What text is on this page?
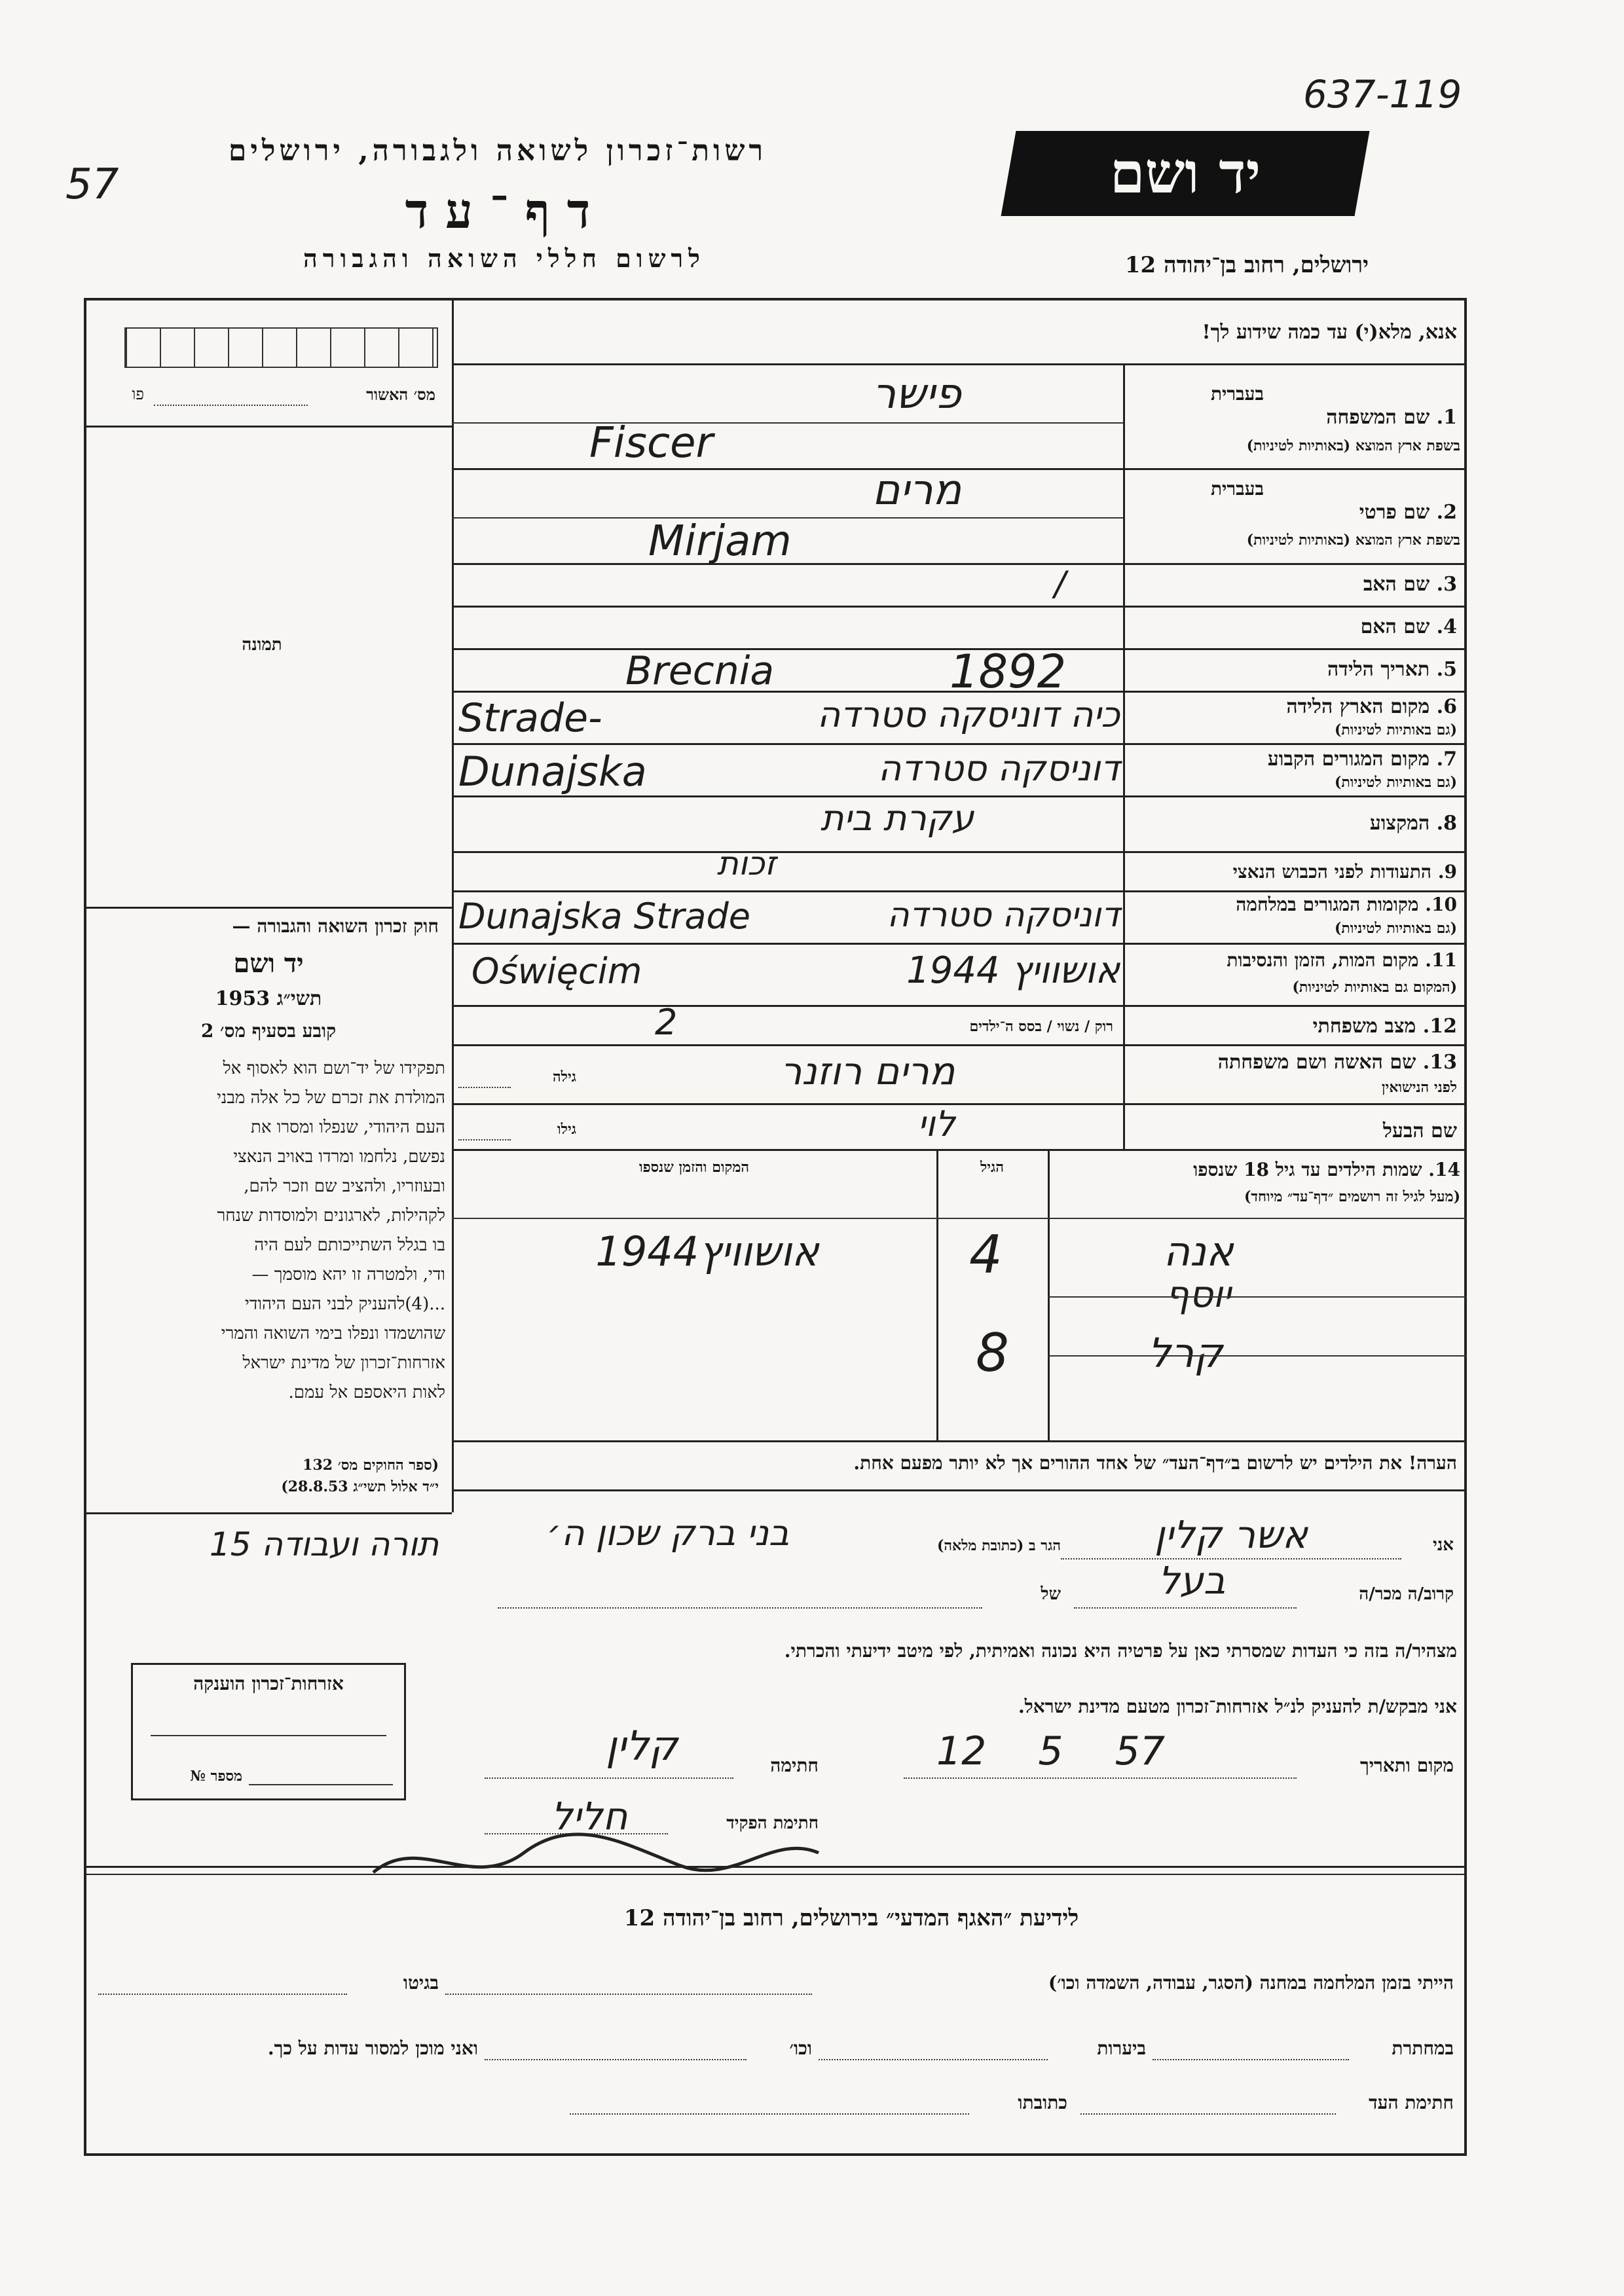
57
637-119
רשות־זכרון לשואה ולגבורה, ירושלים
ד ף ־ ע ד
לרשום חללי השואה והגבורה
יד ושם
ירושלים, רחוב בן־יהודה 12
מס׳ האשור
פו
תמונה
חוק זכרון השואה והגבורה —
יד ושם
1953 תשי״ג
קובע בסעיף מס׳ 2
תפקידו של יד־ושם הוא לאסוף אל
המולדת את זכרם של כל אלה מבני
העם היהודי, שנפלו ומסרו את
נפשם, נלחמו ומרדו באויב הנאצי
ובעוזריו, ולהציב שם וזכר להם,
לקהילות, לארגונים ולמוסדות שנחר
בו בגלל השתייכותם לעם היה
ודי, ולמטרה זו יהא מוסמך —
...(4)להעניק לבני העם היהודי
שהושמדו ונפלו בימי השואה והמרי
אזרחות־זכרון של מדינת ישראל
לאות היאספם אל עמם.
(ספר החוקים מס׳ 132
י״ד אלול תשי״ג 28.8.53)
אזרחות־זכרון הוענקה
מספר №
אנא, מלא(י) עד כמה שידוע לך!
בעברית
1. שם המשפחה
בשפת ארץ המוצא (באותיות לטיניות)
בעברית
2. שם פרטי
בשפת ארץ המוצא (באותיות לטיניות)
3. שם האב
4. שם האם
5. תאריך הלידה
6. מקום הארץ הלידה
(גם באותיות לטיניות)
7. מקום המגורים הקבוע
(גם באותיות לטיניות)
8. המקצוע
9. התעודות לפני הכבוש הנאצי
10. מקומות המגורים במלחמה
(גם באותיות לטיניות)
11. מקום המות, הזמן והנסיבות
(המקום גם באותיות לטיניות)
12. מצב משפחתי
רוק / נשוי / בסס ה־ילדים
13. שם האשה ושם משפחתה
לפני הנישואין
גילה
שם הבעל
גילו
פישר
Fiscer
מרים
Mirjam
/
1892
Brecnia
כיה דוניסקה סטרדה
Strade-
דוניסקה סטרדה
Dunajska
עקרת בית
זכות
דוניסקה סטרדה
Dunajska Strade
אושוויץ 1944
Oświęcim
2
מרים רוזנר
לוי
14. שמות הילדים עד גיל 18 שנספו
(מעל לגיל זה רושמים ״דף־עד״ מיוחד)
הגיל
המקום והזמן שנספו
אנה
4
אושוויץ1944
יוסף
קרל
8
הערה! את הילדים יש לרשום ב״דף־העד״ של אחד ההורים אך לא יותר מפעם אחת.
אני
אשר קלין
הגר ב (כתובת מלאה)
בני ברק שכון ה׳
תורה ועבודה 15
קרוב/ה מכר/ה
בעל
של
מצהיר/ה בזה כי העדות שמסרתי כאן על פרטיה היא נכונה ואמיתית, לפי מיטב ידיעתי והכרתי.
אני מבקש/ת להעניק לנ״ל אזרחות־זכרון מטעם מדינת ישראל.
מקום ותאריך
12 5 57
חתימה
קלין
חתימת הפקיד
חליל
לידיעת ״האגף המדעי״ בירושלים, רחוב בן־יהודה 12
הייתי בזמן המלחמה במחנה (הסגר, עבודה, השמדה וכו׳)
בגיטו
במחתרת
ביערות
וכו׳
ואני מוכן למסור עדות על כך.
חתימת העד
כתובתו
